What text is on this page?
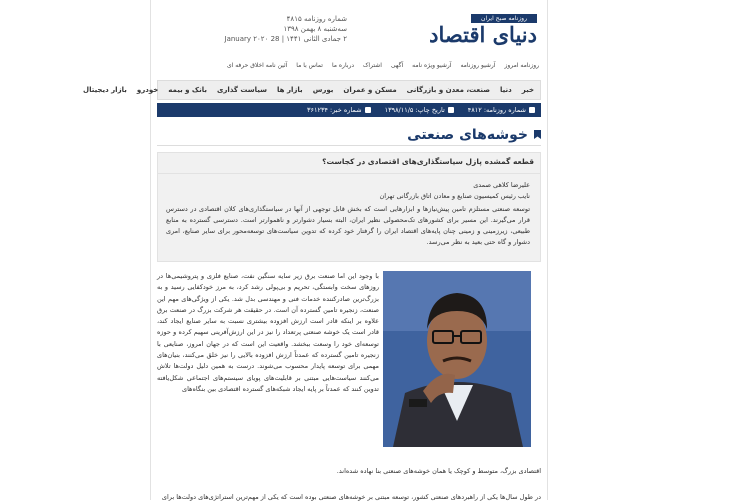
روزنامه صبح ایران
دنیای اقتصاد
شماره روزنامه ۴۸۱۵
سه‌شنبه ۸ بهمن ۱۳۹۸
۲ جمادی الثانی ۱۴۴۱ | 28 January ۲۰۲۰
روزنامه امروز
آرشیو روزنامه
آرشیو ویژه نامه
آگهی
اشتراک
درباره ما
تماس با ما
آئین نامه اخلاق حرفه ای
خبر
دنیا
صنعت، معدن و بازرگانی
مسکن و عمران
بورس
بازار ها
سیاست گذاری
بانک و بیمه
خودرو
بازار دیجیتال
شماره روزنامه: ۴۸۱۲
تاریخ چاپ: ۱۳۹۸/۱۱/۵
شماره خبر: ۳۶۱۲۳۴
خوشه‌های صنعتی
قطعه گمشده پازل سیاستگذاری‌های اقتصادی در کجاست؟
علیرضا کلاهی صمدی
نایب رئیس کمیسیون صنایع و معادن اتاق بازرگانی تهران

توسعه صنعتی مستلزم تامین پیش‌نیازها و ابزارهایی است که بخش قابل توجهی از آنها در سیاستگذاری‌های کلان اقتصادی در دسترس قرار می‌گیرند. این مسیر برای کشورهای تک‌محصولی نظیر ایران، البته بسیار دشوارتر و ناهموارتر است. دسترسی گسترده به منابع طبیعی، زیرزمینی و زمینی چنان پایه‌های اقتصاد ایران را گرفتار خود کرده که تدوین سیاست‌های توسعه‌محور برای سایر صنایع، امری دشوار و گاه حتی بعید به نظر می‌رسد.

با وجود این اما صنعت برق زیر سایه سنگین نفت، صنایع فلزی و پتروشیمی‌ها در روزهای سخت وابستگی، تحریم و بی‌پولی رشد کرد، به مرز خودکفایی رسید و به بزرگ‌ترین صادرکننده خدمات فنی و مهندسی بدل شد. یکی از ویژگی‌های مهم این صنعت، زنجیره تامین گسترده آن است. در حقیقت هر شرکت بزرگ در صنعت برق علاوه بر اینکه قادر است ارزش افزوده بیشتری نسبت به سایر صنایع ایجاد کند، قادر است یک خوشه صنعتی پرتعداد را نیز در این ارزش‌آفرینی سهیم کرده و حوزه توسعه‌ای خود را وسعت ببخشد. واقعیت این است که در جهان امروز، صنایعی با زنجیره تامین گسترده که عمدتاً ارزش افزوده بالایی را نیز خلق می‌کنند، بنیان‌های مهمی برای توسعه پایدار محسوب می‌شوند. درست به همین دلیل دولت‌ها تلاش می‌کنند سیاست‌هایی مبتنی بر قابلیت‌های پویای سیستم‌های اجتماعی شکل‌یافته تدوین کنند که عمدتاً بر پایه ایجاد شبکه‌های گسترده اقتصادی بین بنگاه‌های

اقتصادی بزرگ، متوسط و کوچک یا همان خوشه‌های صنعتی بنا نهاده شده‌اند.

در طول سال‌ها یکی از راهبردهای صنعتی کشور، توسعه مبتنی بر خوشه‌های صنعتی بوده است که یکی از مهم‌ترین استراتژی‌های دولت‌ها برای
